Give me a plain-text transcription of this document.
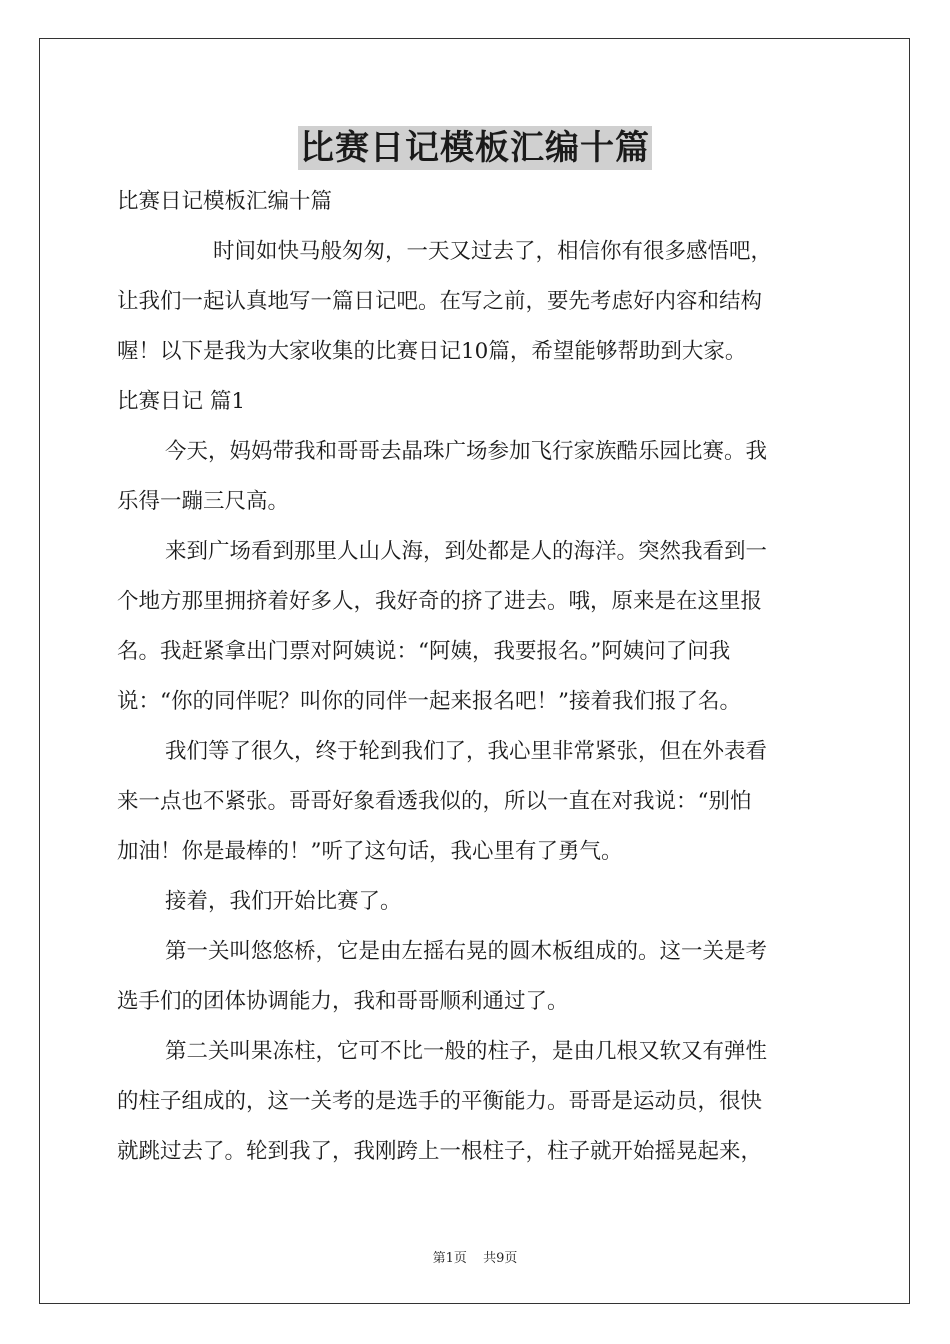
比赛日记模板汇编十篇
比赛日记模板汇编十篇
时间如快马般匆匆，一天又过去了，相信你有很多感悟吧，
让我们一起认真地写一篇日记吧。在写之前，要先考虑好内容和结构
喔！以下是我为大家收集的比赛日记10篇，希望能够帮助到大家。
比赛日记 篇1
今天，妈妈带我和哥哥去晶珠广场参加飞行家族酷乐园比赛。我
乐得一蹦三尺高。
来到广场看到那里人山人海，到处都是人的海洋。突然我看到一
个地方那里拥挤着好多人，我好奇的挤了进去。哦，原来是在这里报
名。我赶紧拿出门票对阿姨说：“阿姨，我要报名。”阿姨问了问我
说：“你的同伴呢？叫你的同伴一起来报名吧！”接着我们报了名。
我们等了很久，终于轮到我们了，我心里非常紧张，但在外表看
来一点也不紧张。哥哥好象看透我似的，所以一直在对我说：“别怕
加油！你是最棒的！”听了这句话，我心里有了勇气。
接着，我们开始比赛了。
第一关叫悠悠桥，它是由左摇右晃的圆木板组成的。这一关是考
选手们的团体协调能力，我和哥哥顺利通过了。
第二关叫果冻柱，它可不比一般的柱子，是由几根又软又有弹性
的柱子组成的，这一关考的是选手的平衡能力。哥哥是运动员，很快
就跳过去了。轮到我了，我刚跨上一根柱子，柱子就开始摇晃起来，
第1页 共9页
